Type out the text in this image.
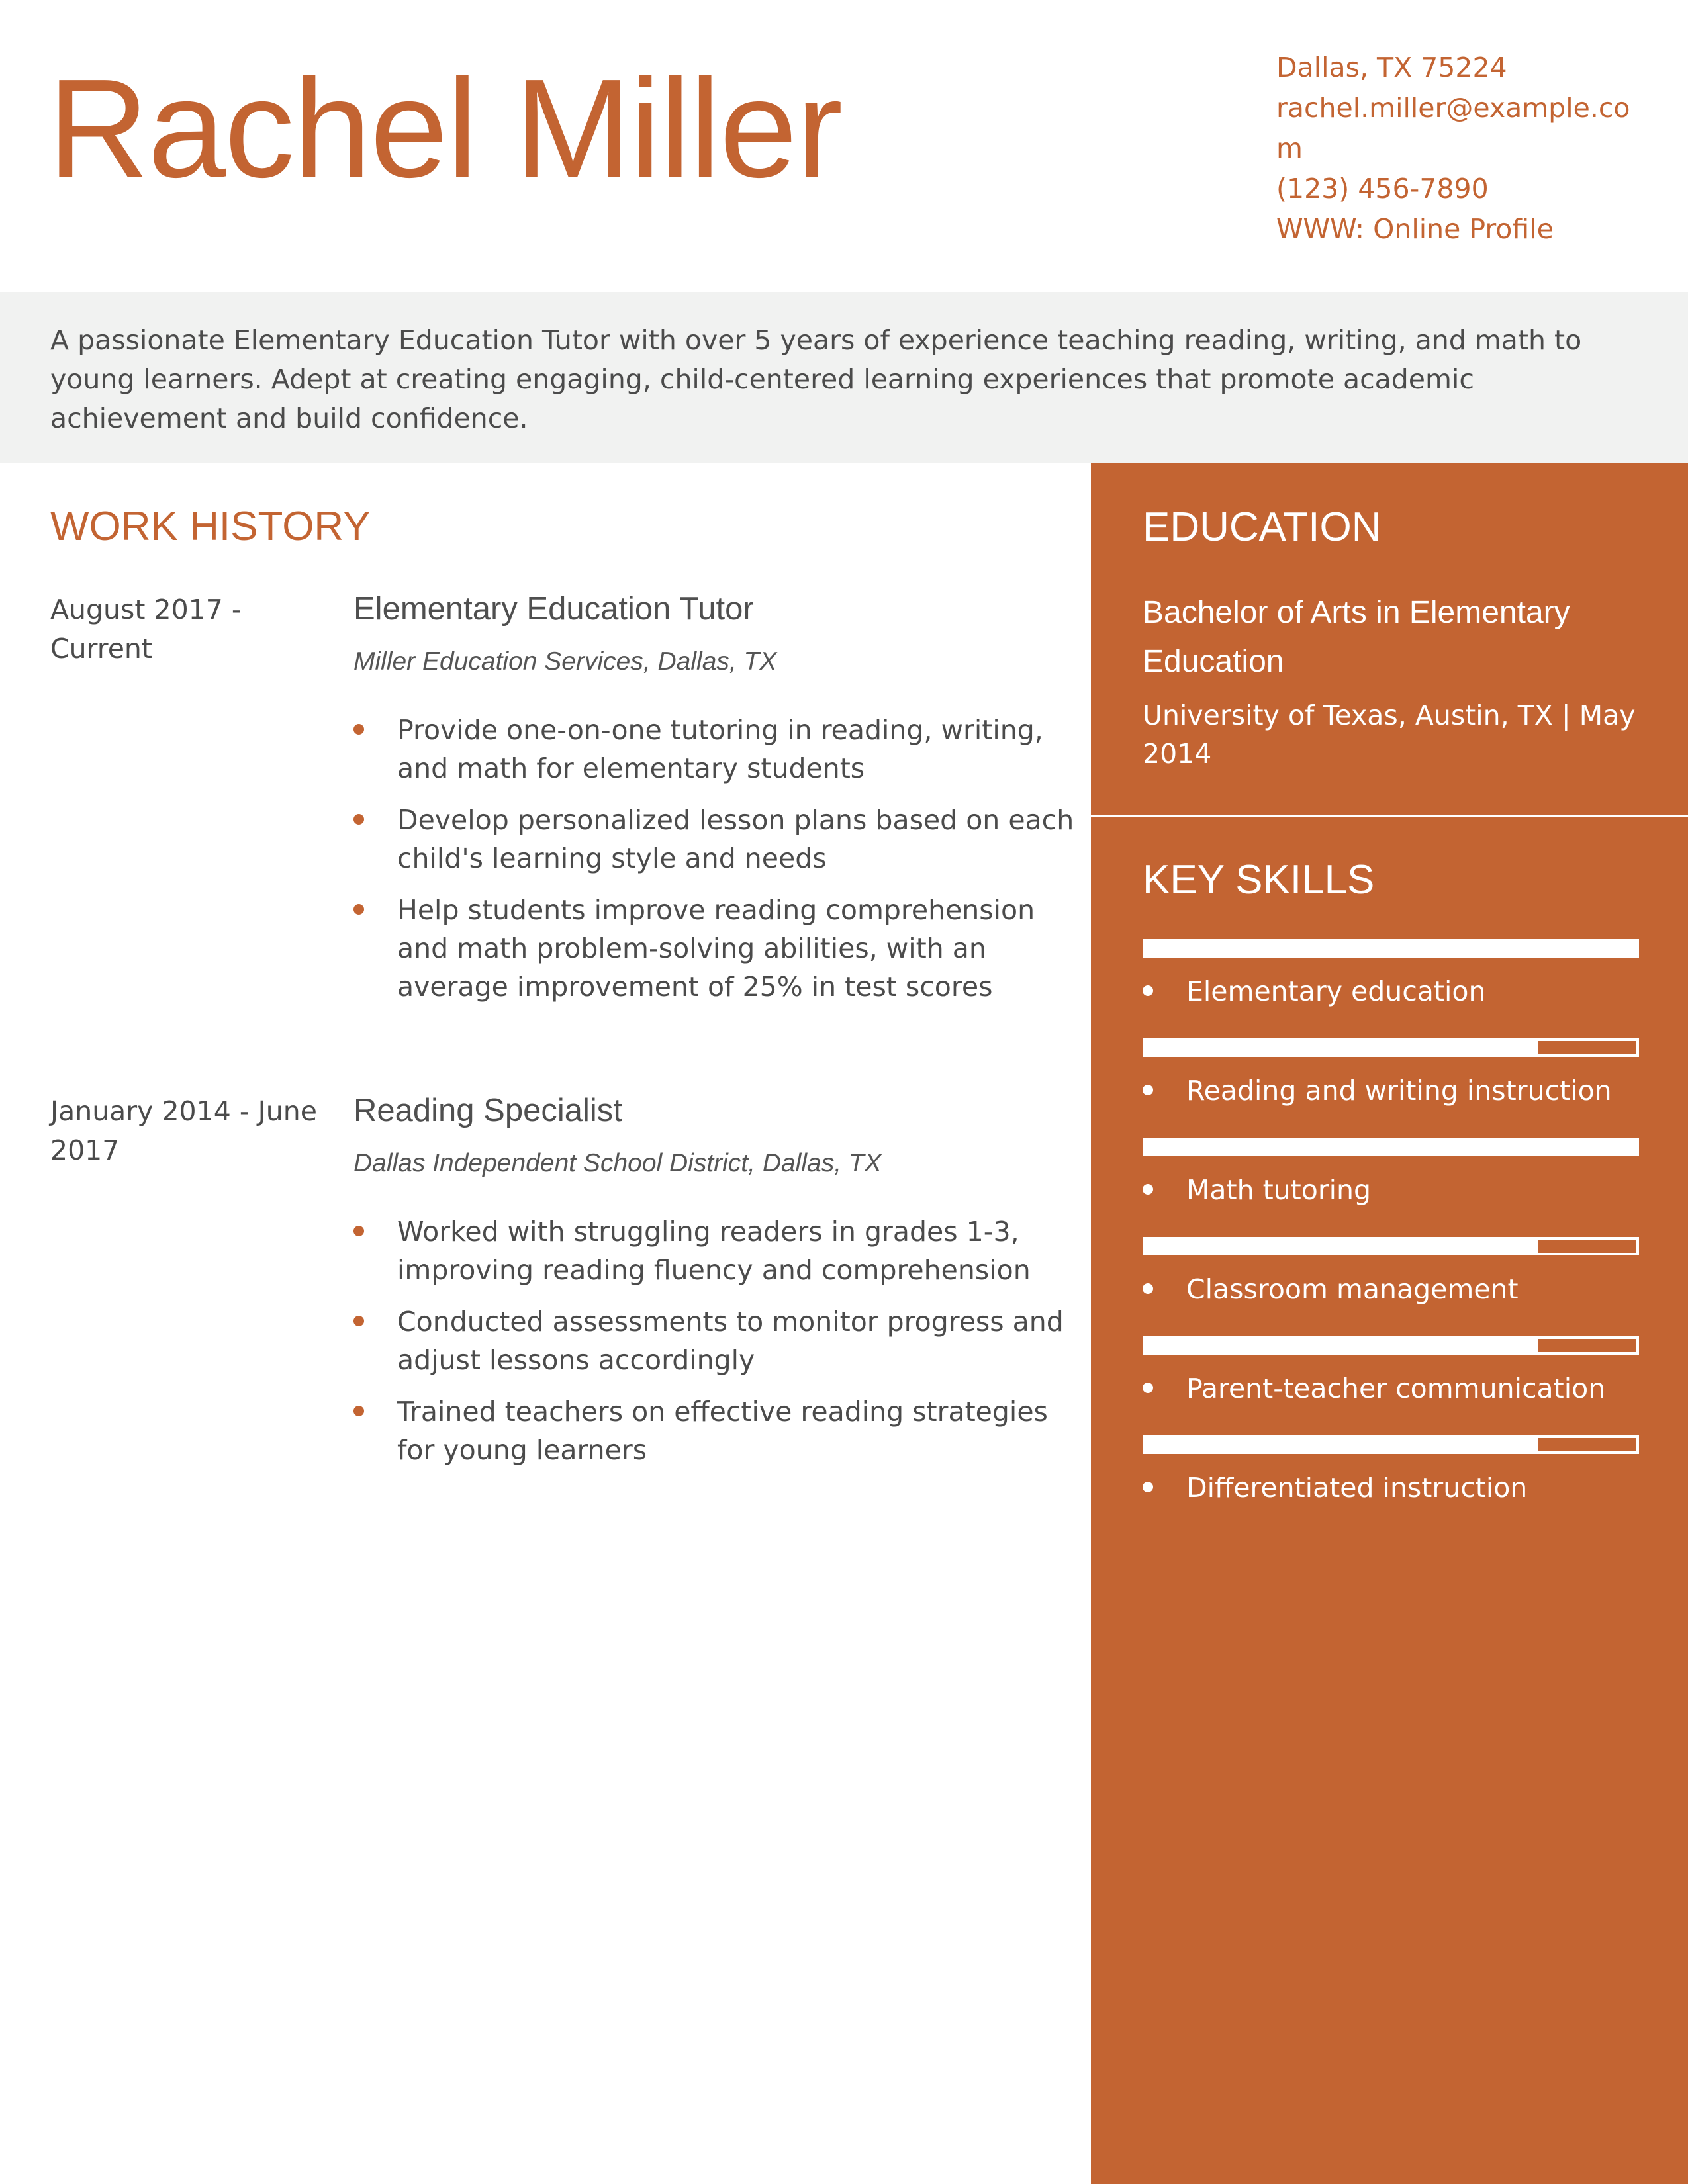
Rachel Miller	Dallas, TX 75224
rachel.miller@example.com
(123) 456-7890
WWW: Online Profile
A passionate Elementary Education Tutor with over 5 years of experience teaching reading, writing, and math to young learners. Adept at creating engaging, child-centered learning experiences that promote academic achievement and build confidence.
WORK HISTORY
August 2017 - Current
Elementary Education Tutor
Miller Education Services, Dallas, TX
Provide one-on-one tutoring in reading, writing, and math for elementary students
Develop personalized lesson plans based on each child's learning style and needs
Help students improve reading comprehension and math problem-solving abilities, with an average improvement of 25% in test scores
January 2014 - June 2017
Reading Specialist
Dallas Independent School District, Dallas, TX
Worked with struggling readers in grades 1-3, improving reading fluency and comprehension
Conducted assessments to monitor progress and adjust lessons accordingly
Trained teachers on effective reading strategies for young learners
EDUCATION
Bachelor of Arts in Elementary Education
University of Texas, Austin, TX | May 2014
KEY SKILLS
Elementary education
Reading and writing instruction
Math tutoring
Classroom management
Parent-teacher communication
Differentiated instruction
